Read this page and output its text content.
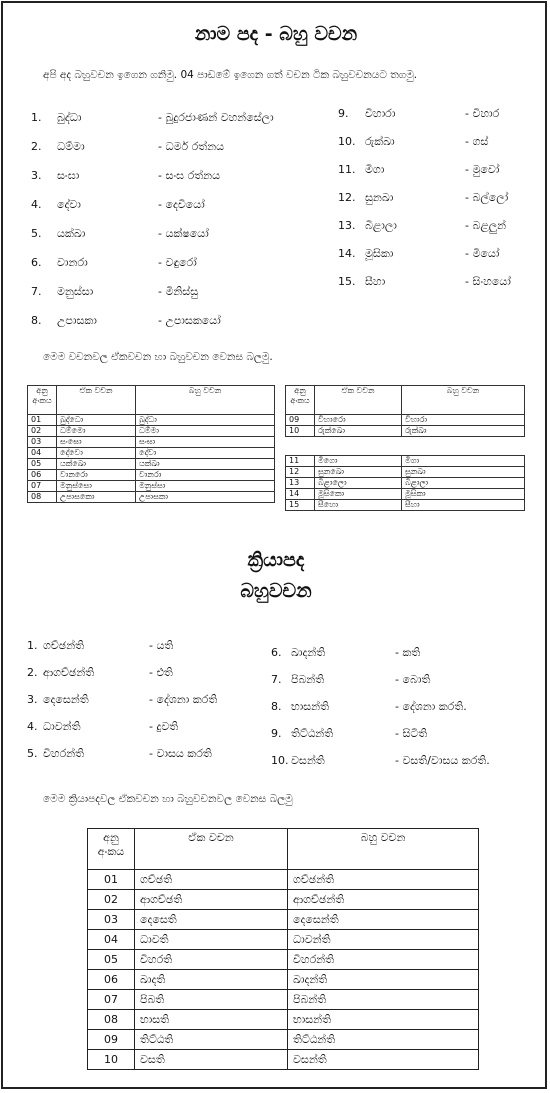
නාම පද - බහු වචන
අපි අද බහුවචන ඉගෙන ගනිමු. 04 පාඩමේ ඉගෙන ගත් වචන ටික බහුවචනයට තගමු.
1. බුද්ධා	- බුදුරජාණන් වහන්සේලා
2. ධම්මා	- ධර්ම රත්නය
3. සංඝා	- සංඝ රත්නය
4. දේවා	- දෙවියෝ
5. යක්ඛා	- යක්ෂයෝ
6. වානරා	- වඳුරෝ
7. මනුස්සා	- මිනිස්සු
8. උපාසකා	- උපාසකයෝ
9. විහාරා	- විහාර
10. රුක්ඛා	- ගස්
11. මිගා	- මුවෝ
12. සුනඛා	- බල්ලෝ
13. බිළාලා	- බළලුන්
14. මූසිකා	- මීයෝ
15. සීහා	- සිංහයෝ
මෙම වචනවල ඒකවචන හා බහුවචන වෙනස බලමු.
අනු අංකය	ඒක වචන	බහු වචන
01	බුද්ධො	බුද්ධා
02	ධම්මො	ධම්මා
03	සංඝො	සංඝා
04	දේවො	දේවා
05	යක්ඛො	යක්ඛා
06	වානරො	වානරා
07	මනුස්සො	මනුස්සා
08	උපාසකො	උපාසකා
අනු අංකය	ඒක වචන	බහු වචන
09	විහාරො	විහාරා
10	රුක්ඛො	රුක්ඛා
11	මිගො	මිගා
12	සුනඛො	සුනඛා
13	බිළාලො	බිළාලා
14	මූසිකො	මූසිකා
15	සීහො	සීහා
ක්‍රියාපද
බහුවචන
1. ගච්ඡන්ති	- යති
2. ආගච්ඡන්ති	- එති
3. දෙසෙන්ති	- දේශනා කරති
4. ධාවන්ති	- දුවති
5. විහරන්ති	- වාසය කරති
6. ඛාදන්ති	- කති
7. පිබන්ති	- බොති
8. භාසන්ති	- දේශනා කරති.
9. තිට්ඨන්ති	- සිටිති
10. වසන්ති	- වසති/වාසය කරති.
මෙම ක්‍රියාපදවල ඒකවචන හා බහුවචනවල වෙනස බලමු
අනු අංකය	ඒක වචන	බහු වචන
01	ගච්ඡති	ගච්ඡන්ති
02	ආගච්ඡති	ආගච්ඡන්ති
03	දෙසෙති	දෙසෙන්ති
04	ධාවති	ධාවන්ති
05	විහරති	විහරන්ති
06	ඛාදති	ඛාදන්ති
07	පිබති	පිබන්ති
08	භාසති	භාසන්ති
09	තිට්ඨති	තිට්ඨන්ති
10	වසති	වසන්ති
